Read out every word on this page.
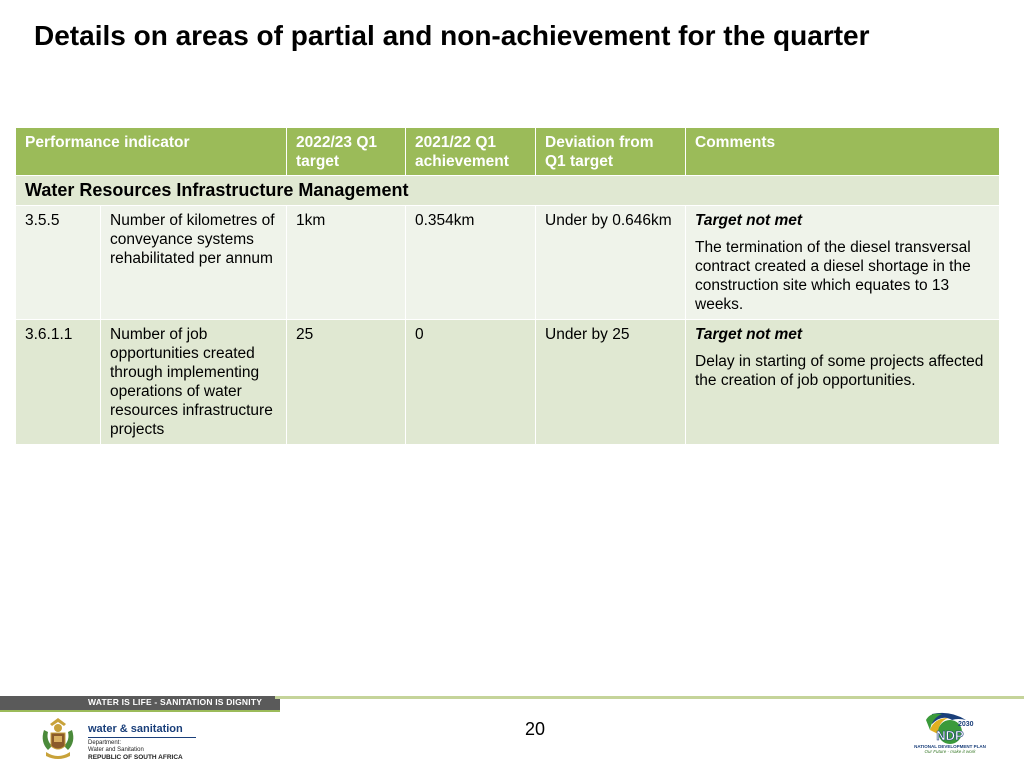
Details on areas of partial and non-achievement for the quarter
Performance indicator		2022/23 Q1 target	2021/22 Q1 achievement	Deviation from Q1 target	Comments
Water Resources Infrastructure Management					
3.5.5	Number of kilometres of conveyance systems rehabilitated per annum	1km	0.354km	Under by 0.646km	Target not met
The termination of the diesel transversal contract created a diesel shortage in the construction site which equates to 13 weeks.

3.6.1.1	Number of job opportunities created through implementing operations of water resources infrastructure projects	25	0	Under by 25	Target not met
Delay in starting of some projects affected the creation of job opportunities.
WATER IS LIFE - SANITATION IS DIGNITY
20
water & sanitation
Department:
Water and Sanitation
REPUBLIC OF SOUTH AFRICA
2030
NDP
NATIONAL DEVELOPMENT PLAN
Our Future - make it work
